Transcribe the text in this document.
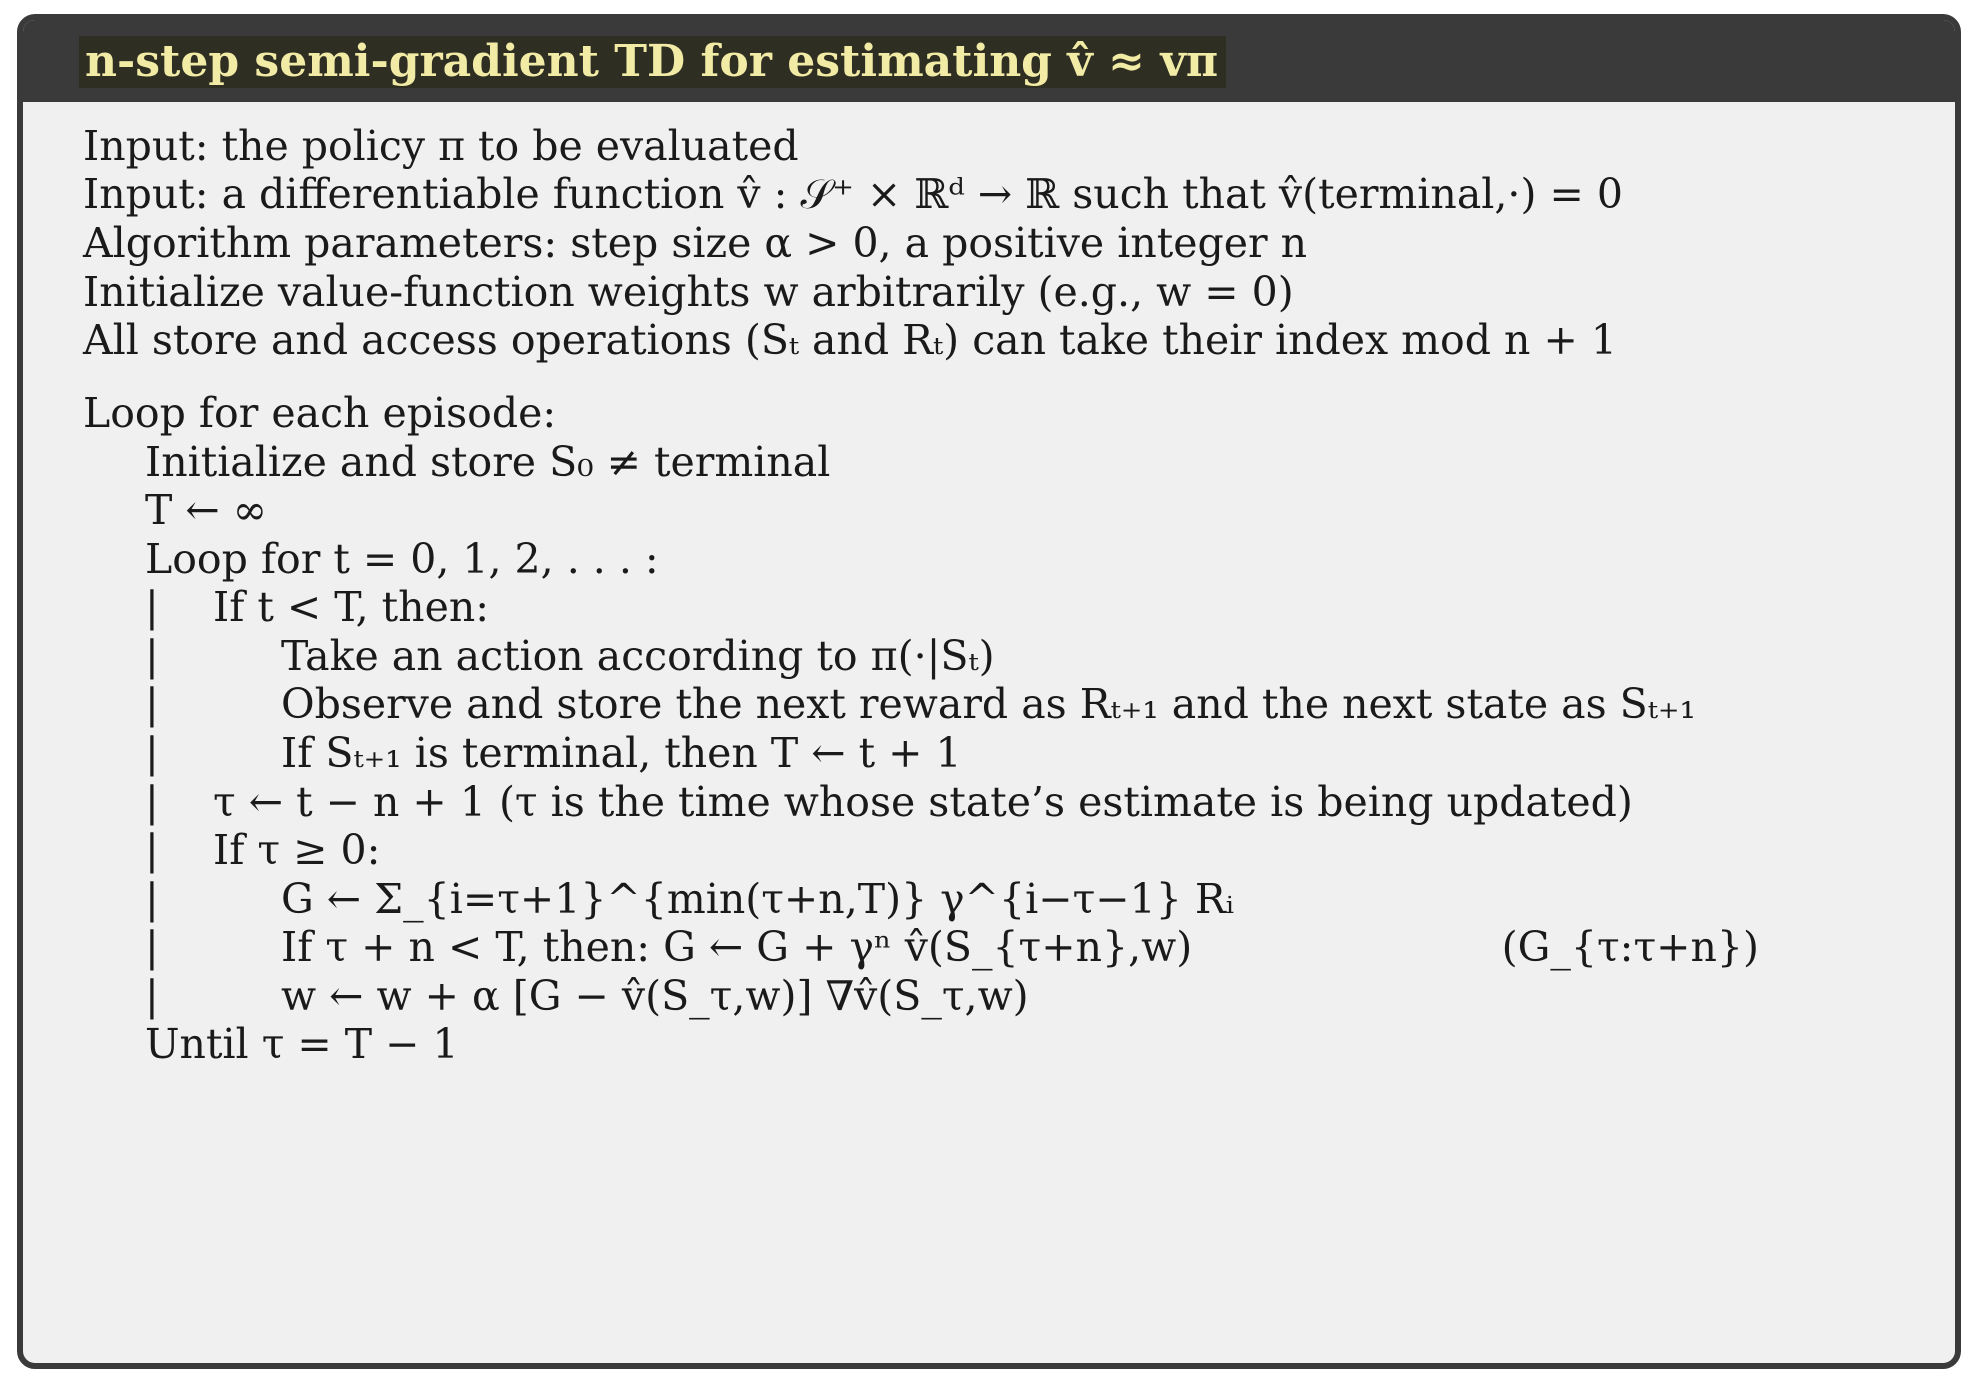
n-step semi-gradient TD for estimating v̂ ≈ vπ
Input: the policy π to be evaluated
Input: a differentiable function v̂ : 𝒮⁺ × ℝᵈ → ℝ such that v̂(terminal,·) = 0
Algorithm parameters: step size α > 0, a positive integer n
Initialize value-function weights w arbitrarily (e.g., w = 0)
All store and access operations (Sₜ and Rₜ) can take their index mod n + 1
Loop for each episode:
Initialize and store S₀ ≠ terminal
T ← ∞
Loop for t = 0, 1, 2, . . . :
|
|
|
|
|
|
|
|
|
If t < T, then:
Take an action according to π(·|Sₜ)
Observe and store the next reward as Rₜ₊₁ and the next state as Sₜ₊₁
If Sₜ₊₁ is terminal, then T ← t + 1
τ ← t − n + 1 (τ is the time whose state’s estimate is being updated)
If τ ≥ 0:
G ← Σ_{i=τ+1}^{min(τ+n,T)} γ^{i−τ−1} Rᵢ
If τ + n < T, then: G ← G + γⁿ v̂(S_{τ+n},w)	(G_{τ:τ+n})
w ← w + α [G − v̂(S_τ,w)] ∇v̂(S_τ,w)
Until τ = T − 1
